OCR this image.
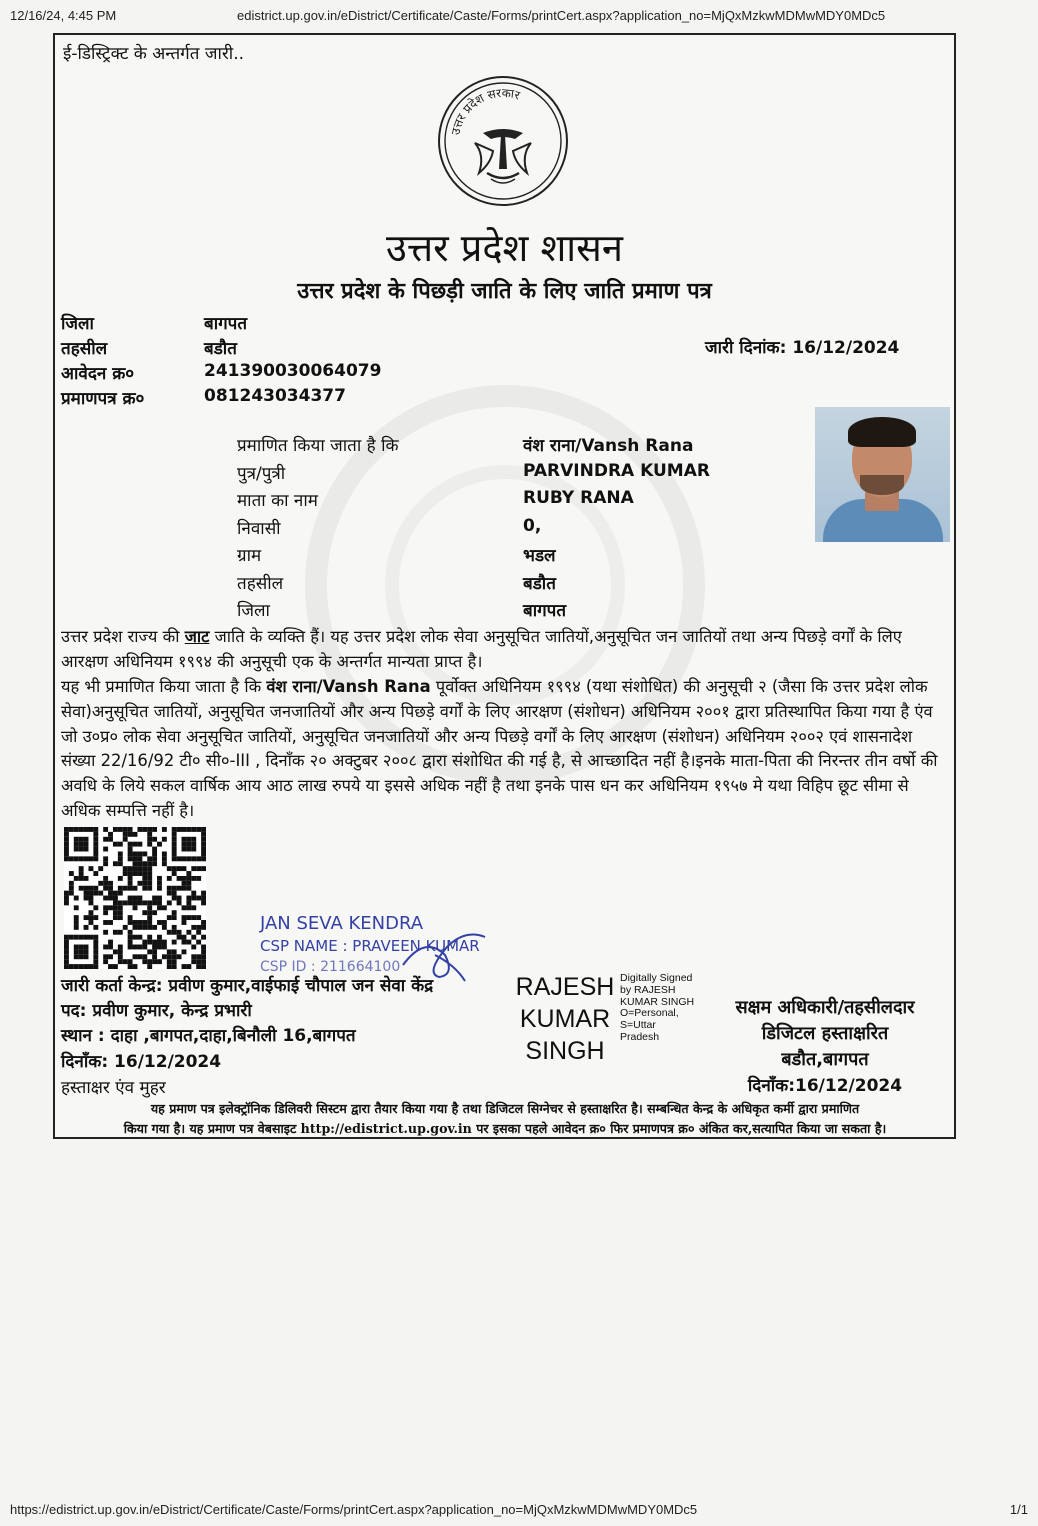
12/16/24, 4:45 PM	edistrict.up.gov.in/eDistrict/Certificate/Caste/Forms/printCert.aspx?application_no=MjQxMzkwMDMwMDY0MDc5
ई-डिस्ट्रिक्ट के अन्तर्गत जारी..
उत्तर प्रदेश सरकार
उत्तर प्रदेश शासन
उत्तर प्रदेश के पिछड़ी जाति के लिए जाति प्रमाण पत्र
जिला	बागपत
तहसील	बडौत
आवेदन क्र०	241390030064079
प्रमाणपत्र क्र०	081243034377
जारी दिनांक: 16/12/2024
प्रमाणित किया जाता है कि	वंश राना/Vansh Rana
पुत्र/पुत्री	PARVINDRA KUMAR
माता का नाम	RUBY RANA
निवासी	0,
ग्राम	भडल
तहसील	बडौत
जिला	बागपत

उत्तर प्रदेश राज्य की जाट जाति के व्यक्ति हैं। यह उत्तर प्रदेश लोक सेवा अनुसूचित जातियों,अनुसूचित जन जातियों तथा अन्य पिछड़े वर्गों के लिए आरक्षण अधिनियम १९९४ की अनुसूची एक के अन्तर्गत मान्यता प्राप्त है।

यह भी प्रमाणित किया जाता है कि वंश राना/Vansh Rana पूर्वोक्त अधिनियम १९९४ (यथा संशोधित) की अनुसूची २ (जैसा कि उत्तर प्रदेश लोक सेवा)अनुसूचित जातियों, अनुसूचित जनजातियों और अन्य पिछड़े वर्गों के लिए आरक्षण (संशोधन) अधिनियम २००१ द्वारा प्रतिस्थापित किया गया है एंव जो उ०प्र० लोक सेवा अनुसूचित जातियों, अनुसूचित जनजातियों और अन्य पिछड़े वर्गों के लिए आरक्षण (संशोधन) अधिनियम २००२ एवं शासनादेश संख्या 22/16/92 टी० सी०-III , दिनाँक २० अक्टुबर २००८ द्वारा संशोधित की गई है, से आच्छादित नहीं है।इनके माता-पिता की निरन्तर तीन वर्षो की अवधि के लिये सकल वार्षिक आय आठ लाख रुपये या इससे अधिक नहीं है तथा इनके पास धन कर अधिनियम १९५७ मे यथा विहिप छूट सीमा से अधिक सम्पत्ति नहीं है।

JAN SEVA KENDRA
CSP NAME : PRAVEEN KUMAR
CSP ID : 211664100
जारी कर्ता केन्द्र: प्रवीण कुमार,वाईफाई चौपाल जन सेवा केंद्र
पद: प्रवीण कुमार, केन्द्र प्रभारी
स्थान : दाहा ,बागपत,दाहा,बिनौली 16,बागपत
दिनाँक: 16/12/2024
हस्ताक्षर एंव मुहर
RAJESH
KUMAR
SINGH
Digitally Signed
by RAJESH
KUMAR SINGH
O=Personal,
S=Uttar
Pradesh
सक्षम अधिकारी/तहसीलदार
डिजिटल हस्ताक्षरित
बडौत,बागपत
दिनाँक:16/12/2024
यह प्रमाण पत्र इलेक्ट्रॉनिक डिलिवरी सिस्टम द्वारा तैयार किया गया है तथा डिजिटल सिग्नेचर से हस्ताक्षरित है। सम्बन्धित केन्द्र के अधिकृत कर्मी द्वारा प्रमाणित
किया गया है। यह प्रमाण पत्र वेबसाइट http://edistrict.up.gov.in पर इसका पहले आवेदन क्र० फिर प्रमाणपत्र क्र० अंकित कर,सत्यापित किया जा सकता है।
https://edistrict.up.gov.in/eDistrict/Certificate/Caste/Forms/printCert.aspx?application_no=MjQxMzkwMDMwMDY0MDc5	1/1
